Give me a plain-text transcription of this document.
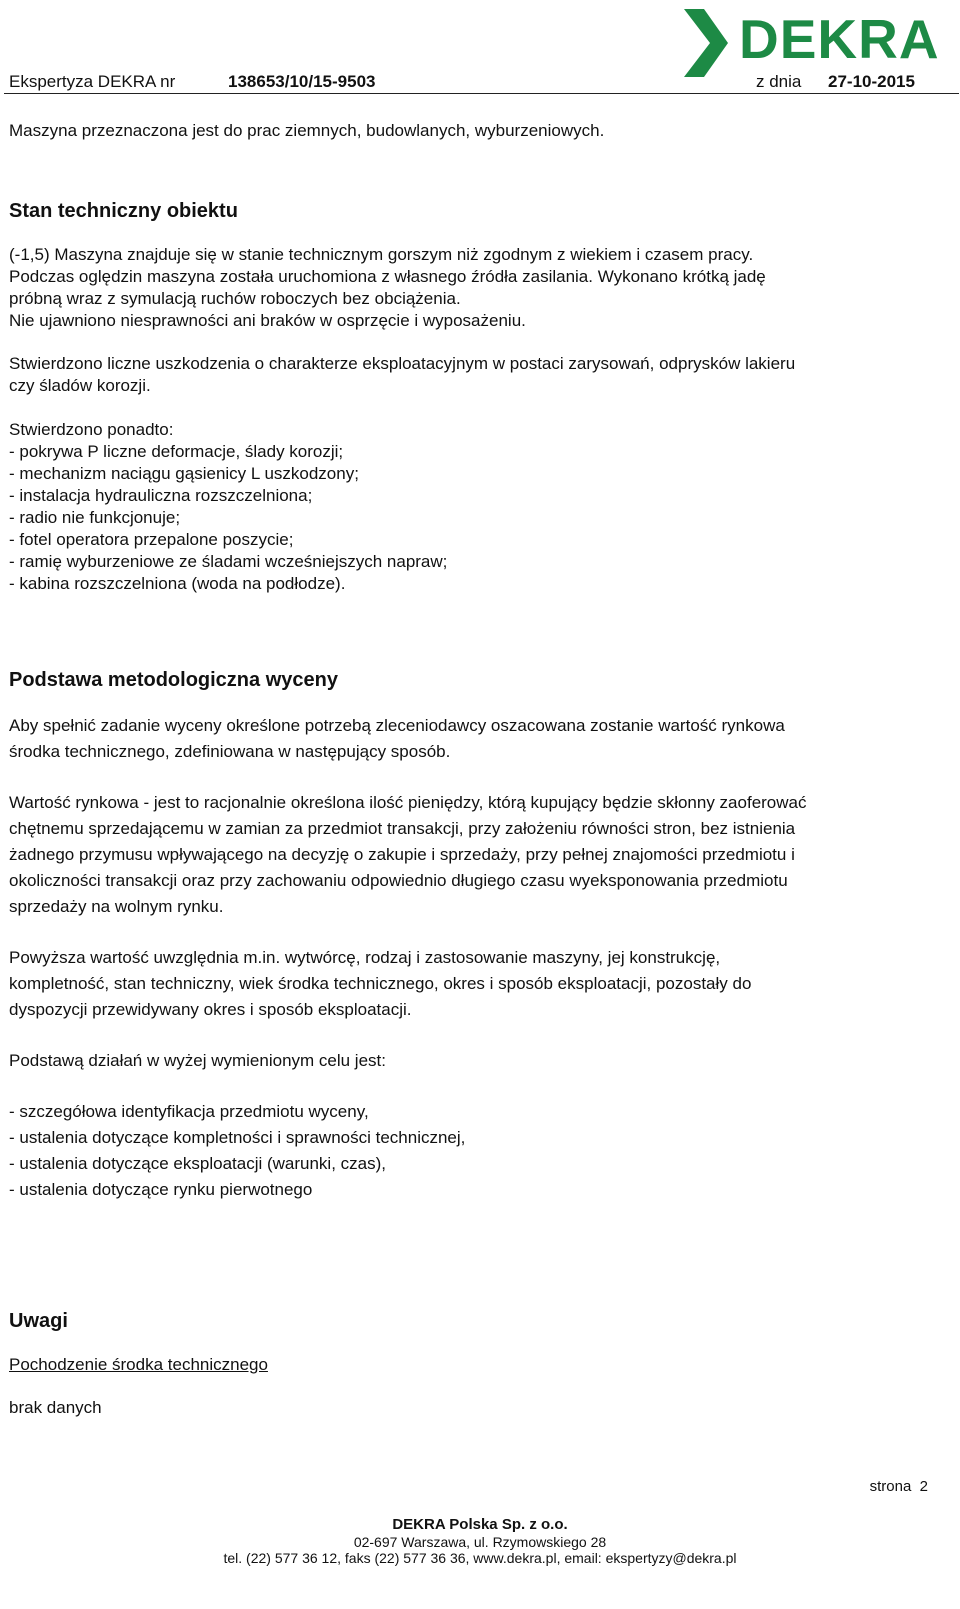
DEKRA
Ekspertyza DEKRA nr	138653/10/15-9503	z dnia 27-10-2015
Maszyna przeznaczona jest do prac ziemnych, budowlanych, wyburzeniowych.
Stan techniczny obiektu
(-1,5) Maszyna znajduje się w stanie technicznym gorszym niż zgodnym z wiekiem i czasem pracy.
Podczas oględzin maszyna została uruchomiona z własnego źródła zasilania. Wykonano krótką jadę
próbną wraz z symulacją ruchów roboczych bez obciążenia.
Nie ujawniono niesprawności ani braków w osprzęcie i wyposażeniu.
Stwierdzono liczne uszkodzenia o charakterze eksploatacyjnym w postaci zarysowań, odprysków lakieru
czy śladów korozji.
Stwierdzono ponadto:
- pokrywa P liczne deformacje, ślady korozji;
- mechanizm naciągu gąsienicy L uszkodzony;
- instalacja hydrauliczna rozszczelniona;
- radio nie funkcjonuje;
- fotel operatora przepalone poszycie;
- ramię wyburzeniowe ze śladami wcześniejszych napraw;
- kabina rozszczelniona (woda na podłodze).
Podstawa metodologiczna wyceny
Aby spełnić zadanie wyceny określone potrzebą zleceniodawcy oszacowana zostanie wartość rynkowa
środka technicznego, zdefiniowana w następujący sposób.
Wartość rynkowa - jest to racjonalnie określona ilość pieniędzy, którą kupujący będzie skłonny zaoferować
chętnemu sprzedającemu w zamian za przedmiot transakcji, przy założeniu równości stron, bez istnienia
żadnego przymusu wpływającego na decyzję o zakupie i sprzedaży, przy pełnej znajomości przedmiotu i
okoliczności transakcji oraz przy zachowaniu odpowiednio długiego czasu wyeksponowania przedmiotu
sprzedaży na wolnym rynku.
Powyższa wartość uwzględnia m.in. wytwórcę, rodzaj i zastosowanie maszyny, jej konstrukcję,
kompletność, stan techniczny, wiek środka technicznego, okres i sposób eksploatacji, pozostały do
dyspozycji przewidywany okres i sposób eksploatacji.
Podstawą działań w wyżej wymienionym celu jest:
- szczegółowa identyfikacja przedmiotu wyceny,
- ustalenia dotyczące kompletności i sprawności technicznej,
- ustalenia dotyczące eksploatacji (warunki, czas),
- ustalenia dotyczące rynku pierwotnego
Uwagi
Pochodzenie środka technicznego
brak danych
strona  2
DEKRA Polska Sp. z o.o.
02-697 Warszawa, ul. Rzymowskiego 28
tel. (22) 577 36 12, faks (22) 577 36 36, www.dekra.pl, email: ekspertyzy@dekra.pl
